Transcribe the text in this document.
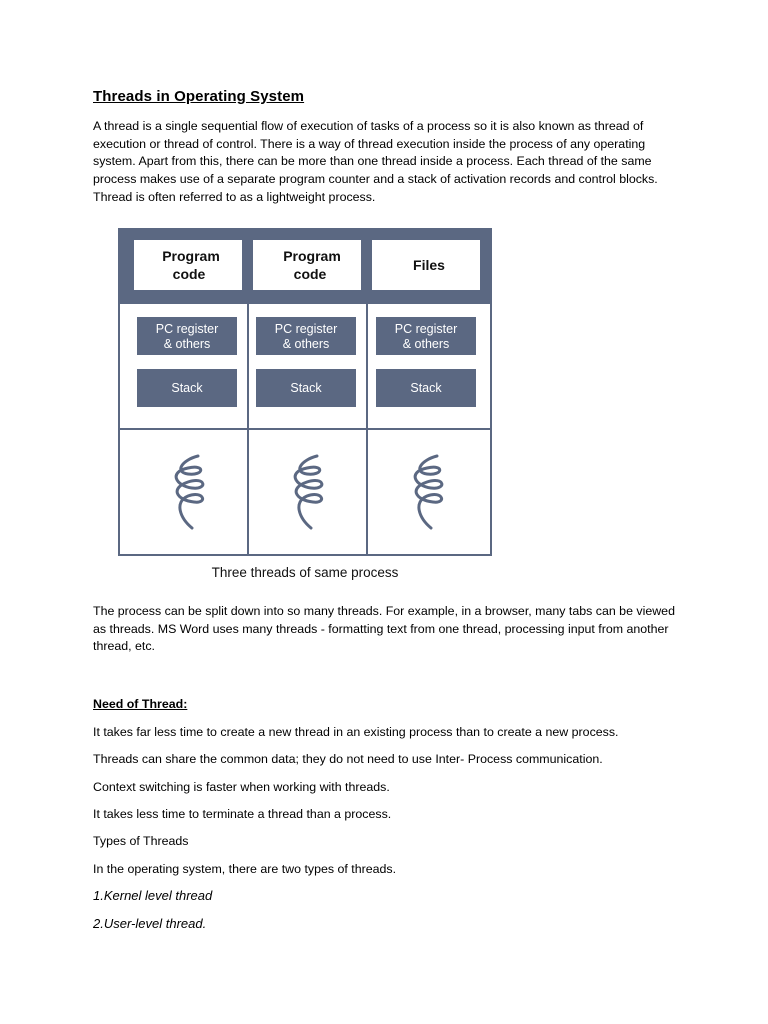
Threads in Operating System

A thread is a single sequential flow of execution of tasks of a process so it is also known as thread of execution or thread of control. There is a way of thread execution inside the process of any operating system. Apart from this, there can be more than one thread inside a process. Each thread of the same process makes use of a separate program counter and a stack of activation records and control blocks. Thread is often referred to as a lightweight process.

Program
code
Program
code
Files
PC register
& others
Stack
PC register
& others
Stack
PC register
& others
Stack
Three threads of same process

The process can be split down into so many threads. For example, in a browser, many tabs can be viewed as threads. MS Word uses many threads - formatting text from one thread, processing input from another thread, etc.

Need of Thread:
It takes far less time to create a new thread in an existing process than to create a new process.
Threads can share the common data; they do not need to use Inter- Process communication.
Context switching is faster when working with threads.
It takes less time to terminate a thread than a process.
Types of Threads
In the operating system, there are two types of threads.
1.Kernel level thread
2.User-level thread.
